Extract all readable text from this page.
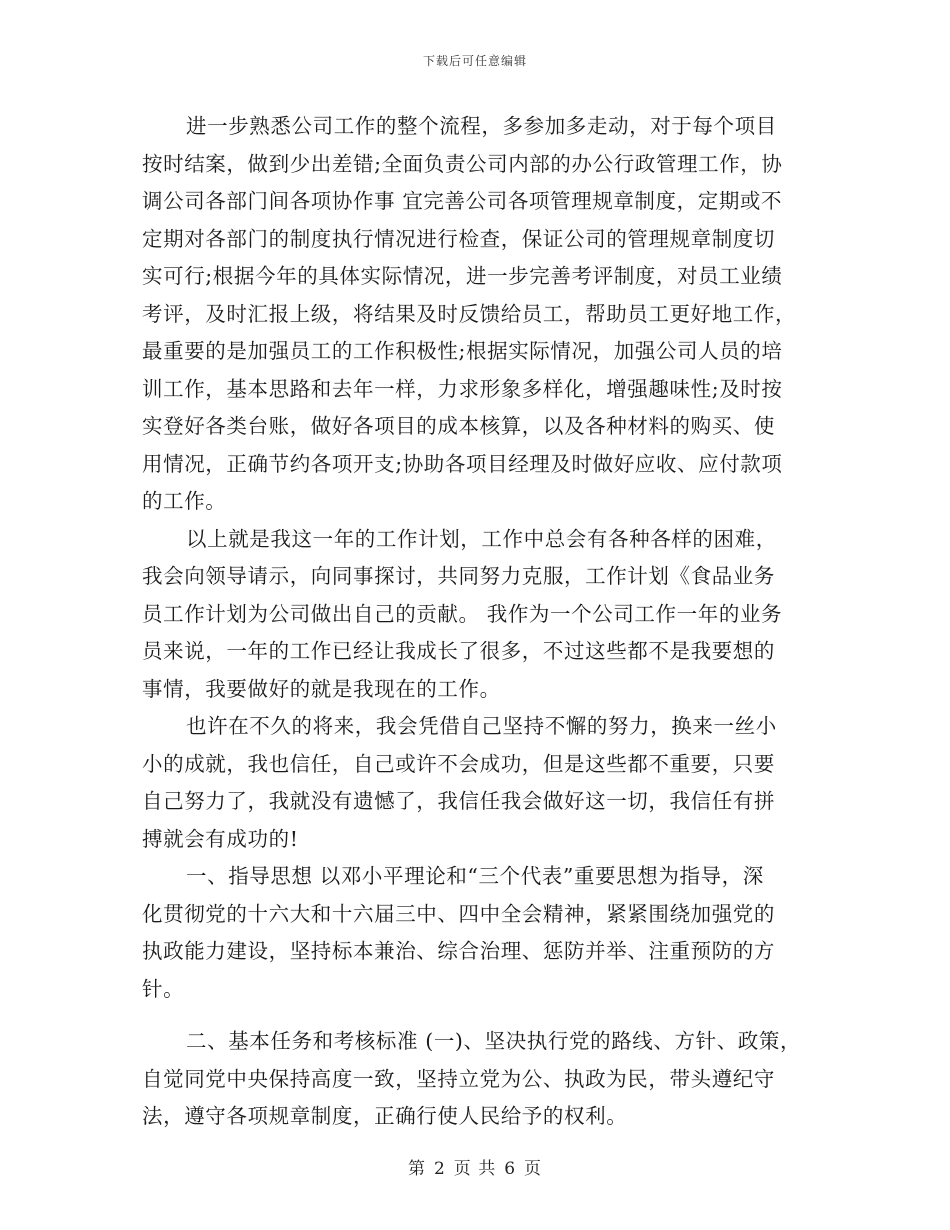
下载后可任意编辑
进一步熟悉公司工作的整个流程，多参加多走动，对于每个项目
按时结案，做到少出差错;全面负责公司内部的办公行政管理工作，协
调公司各部门间各项协作事 宜完善公司各项管理规章制度，定期或不
定期对各部门的制度执行情况进行检查，保证公司的管理规章制度切
实可行;根据今年的具体实际情况，进一步完善考评制度，对员工业绩
考评，及时汇报上级，将结果及时反馈给员工，帮助员工更好地工作，
最重要的是加强员工的工作积极性;根据实际情况，加强公司人员的培
训工作，基本思路和去年一样，力求形象多样化，增强趣味性;及时按
实登好各类台账，做好各项目的成本核算，以及各种材料的购买、使
用情况，正确节约各项开支;协助各项目经理及时做好应收、应付款项
的工作。
以上就是我这一年的工作计划，工作中总会有各种各样的困难，
我会向领导请示，向同事探讨，共同努力克服，工作计划《食品业务
员工作计划为公司做出自己的贡献。 我作为一个公司工作一年的业务
员来说，一年的工作已经让我成长了很多，不过这些都不是我要想的
事情，我要做好的就是我现在的工作。
也许在不久的将来，我会凭借自己坚持不懈的努力，换来一丝小
小的成就，我也信任，自己或许不会成功，但是这些都不重要，只要
自己努力了，我就没有遗憾了，我信任我会做好这一切，我信任有拼
搏就会有成功的!
一、指导思想 以邓小平理论和“三个代表”重要思想为指导，深
化贯彻党的十六大和十六届三中、四中全会精神，紧紧围绕加强党的
执政能力建设，坚持标本兼治、综合治理、惩防并举、注重预防的方
针。
二、基本任务和考核标准 (一)、坚决执行党的路线、方针、政策，
自觉同党中央保持高度一致，坚持立党为公、执政为民，带头遵纪守
法，遵守各项规章制度，正确行使人民给予的权利。
第 2 页 共 6 页
